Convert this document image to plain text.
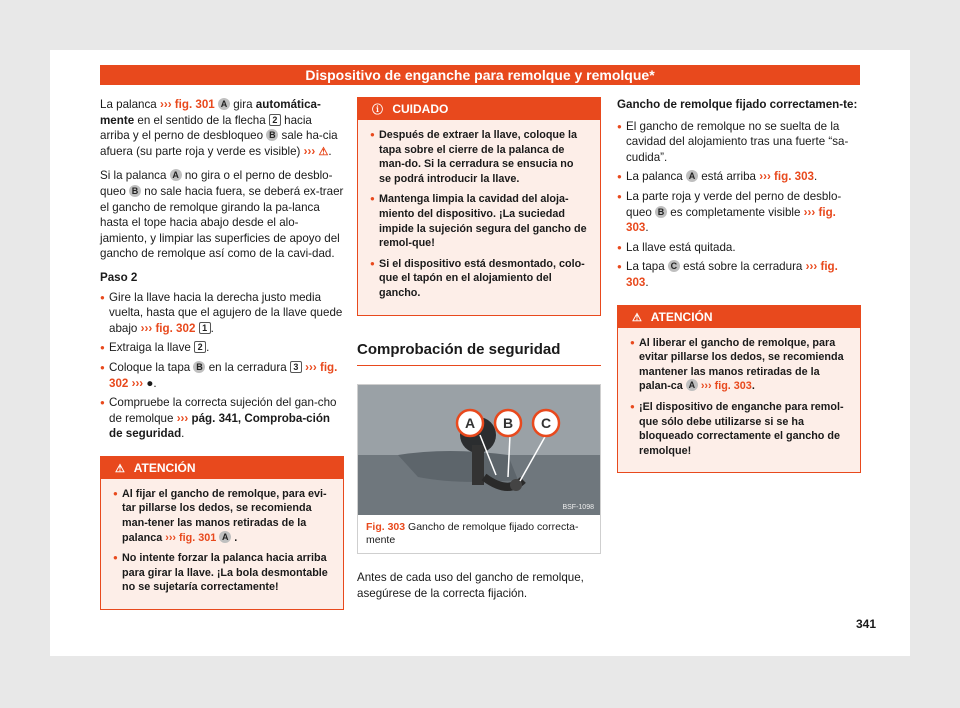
Dispositivo de enganche para remolque y remolque*

La palanca ››› fig. 301 A gira automática-mente en el sentido de la flecha 2 hacia arriba y el perno de desbloqueo B sale ha-cia afuera (su parte roja y verde es visible) ››› ⚠.

Si la palanca A no gira o el perno de desblo-queo B no sale hacia fuera, se deberá ex-traer el gancho de remolque girando la pa-lanca hasta el tope hacia abajo desde el alo-jamiento, y limpiar las superficies de apoyo del gancho de remolque así como de la cavi-dad.

Paso 2
● Gire la llave hacia la derecha justo media vuelta, hasta que el agujero de la llave quede abajo ››› fig. 302 1 .
● Extraiga la llave 2 .
● Coloque la tapa B en la cerradura 3 ››› fig. 302 ››› ●.
● Compruebe la correcta sujeción del gan-cho de remolque ››› pág. 341, Comproba-ción de seguridad.
⚠ ATENCIÓN
● Al fijar el gancho de remolque, para evi-tar pillarse los dedos, se recomienda man-tener las manos retiradas de la palanca ››› fig. 301 A .
● No intente forzar la palanca hacia arriba para girar la llave. ¡La bola desmontable no se sujetaría correctamente!
ⓘ CUIDADO
● Después de extraer la llave, coloque la tapa sobre el cierre de la palanca de man-do. Si la cerradura se ensucia no se podrá introducir la llave.
● Mantenga limpia la cavidad del aloja-miento del dispositivo. ¡La suciedad impide la sujeción segura del gancho de remol-que!
● Si el dispositivo está desmontado, colo-que el tapón en el alojamiento del gancho.
Comprobación de seguridad
A B C
BSF-1098
Fig. 303 Gancho de remolque fijado correcta-mente

Antes de cada uso del gancho de remolque, asegúrese de la correcta fijación.

Gancho de remolque fijado correctamen-te:
● El gancho de remolque no se suelta de la cavidad del alojamiento tras una fuerte “sa-cudida”.
● La palanca A está arriba ››› fig. 303.
● La parte roja y verde del perno de desblo-queo B es completamente visible ››› fig. 303.
● La llave está quitada.
● La tapa C está sobre la cerradura ››› fig. 303.
⚠ ATENCIÓN
● Al liberar el gancho de remolque, para evitar pillarse los dedos, se recomienda mantener las manos retiradas de la palan-ca A ››› fig. 303.
● ¡El dispositivo de enganche para remol-que sólo debe utilizarse si se ha bloqueado correctamente el gancho de remolque!
341
